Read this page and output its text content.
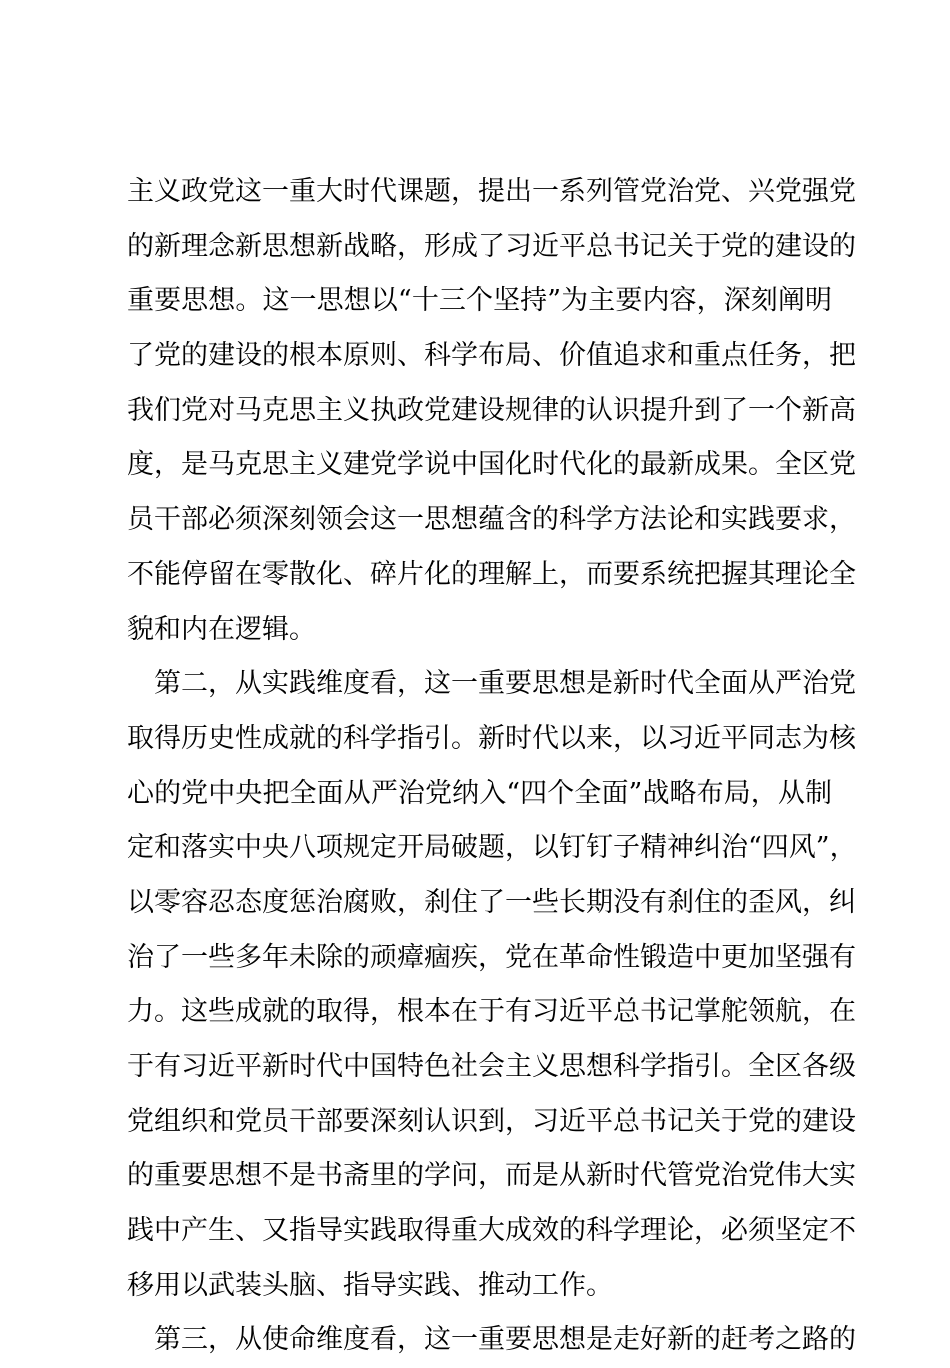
主义政党这一重大时代课题，提出一系列管党治党、兴党强党
的新理念新思想新战略，形成了习近平总书记关于党的建设的
重要思想。这一思想以“十三个坚持”为主要内容，深刻阐明
了党的建设的根本原则、科学布局、价值追求和重点任务，把
我们党对马克思主义执政党建设规律的认识提升到了一个新高
度，是马克思主义建党学说中国化时代化的最新成果。全区党
员干部必须深刻领会这一思想蕴含的科学方法论和实践要求，
不能停留在零散化、碎片化的理解上，而要系统把握其理论全
貌和内在逻辑。
　第二，从实践维度看，这一重要思想是新时代全面从严治党
取得历史性成就的科学指引。新时代以来，以习近平同志为核
心的党中央把全面从严治党纳入“四个全面”战略布局，从制
定和落实中央八项规定开局破题，以钉钉子精神纠治“四风”，
以零容忍态度惩治腐败，刹住了一些长期没有刹住的歪风，纠
治了一些多年未除的顽瘴痼疾，党在革命性锻造中更加坚强有
力。这些成就的取得，根本在于有习近平总书记掌舵领航，在
于有习近平新时代中国特色社会主义思想科学指引。全区各级
党组织和党员干部要深刻认识到，习近平总书记关于党的建设
的重要思想不是书斋里的学问，而是从新时代管党治党伟大实
践中产生、又指导实践取得重大成效的科学理论，必须坚定不
移用以武装头脑、指导实践、推动工作。
　第三，从使命维度看，这一重要思想是走好新的赶考之路的
